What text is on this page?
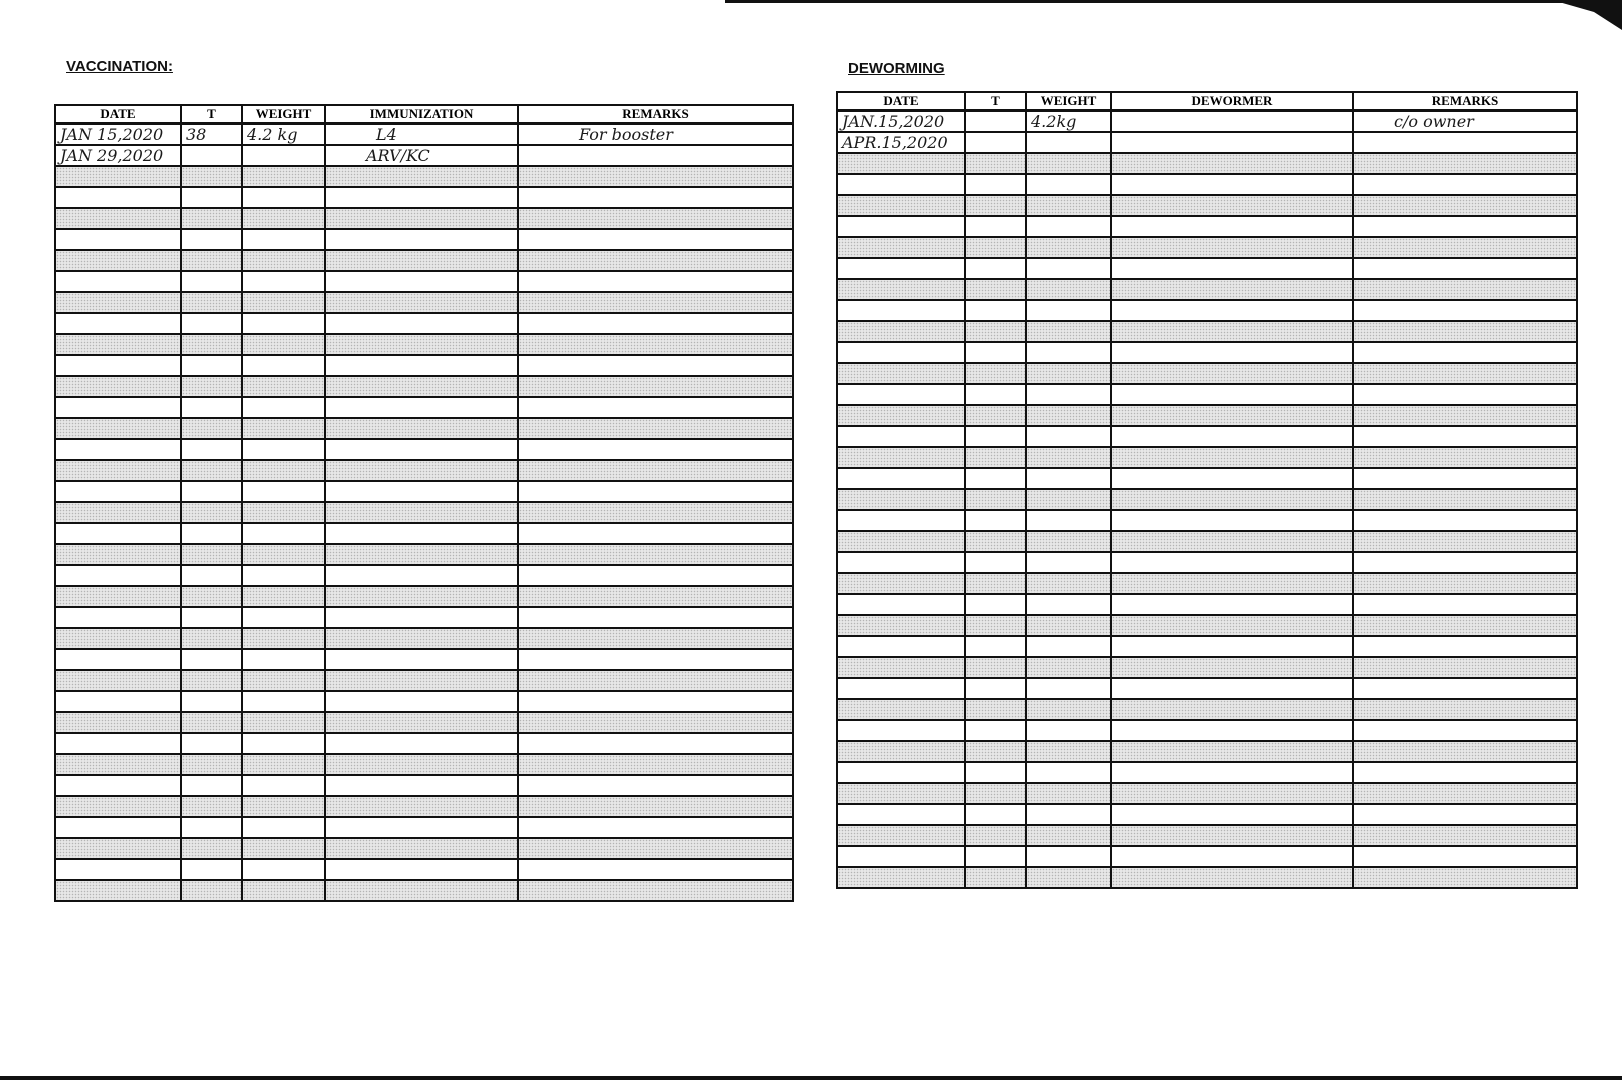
VACCINATION:
DATE	T	WEIGHT	IMMUNIZATION	REMARKS
JAN 15,2020	38	4.2 kg	L4	For booster
JAN 29,2020			ARV/KC	

DEWORMING
DATE	T	WEIGHT	DEWORMER	REMARKS
JAN.15,2020		4.2kg		c/o owner
APR.15,2020				
